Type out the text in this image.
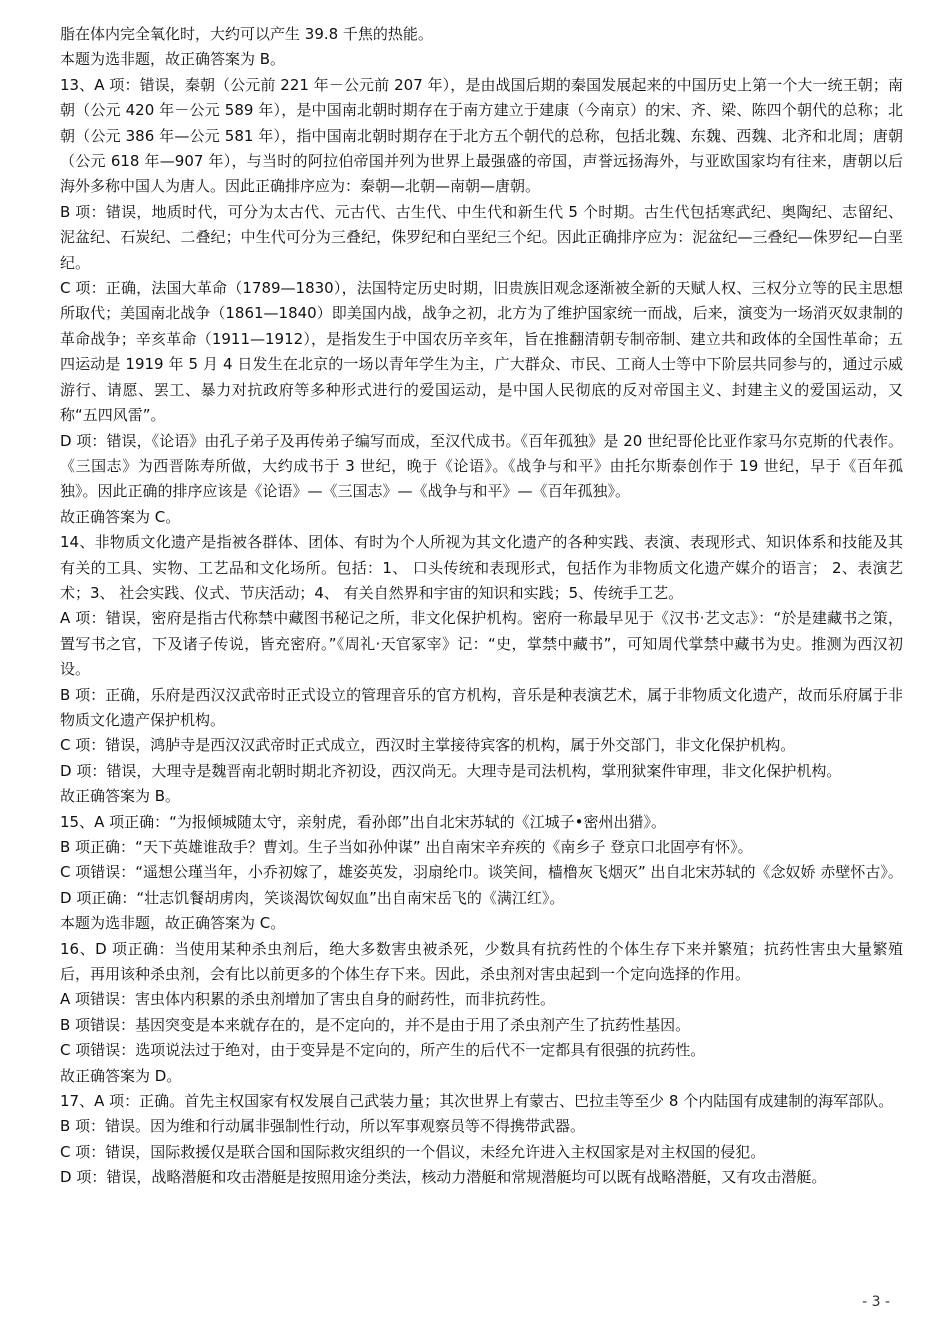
脂在体内完全氧化时，大约可以产生 39.8 千焦的热能。

本题为选非题，故正确答案为 B。

13、A 项：错误，秦朝（公元前 221 年－公元前 207 年），是由战国后期的秦国发展起来的中国历史上第一个大一统王朝；南朝（公元 420 年－公元 589 年），是中国南北朝时期存在于南方建立于建康（今南京）的宋、齐、梁、陈四个朝代的总称；北朝（公元 386 年—公元 581 年），指中国南北朝时期存在于北方五个朝代的总称，包括北魏、东魏、西魏、北齐和北周；唐朝（公元 618 年—907 年），与当时的阿拉伯帝国并列为世界上最强盛的帝国，声誉远扬海外，与亚欧国家均有往来，唐朝以后海外多称中国人为唐人。因此正确排序应为：秦朝—北朝—南朝—唐朝。

B 项：错误，地质时代，可分为太古代、元古代、古生代、中生代和新生代 5 个时期。古生代包括寒武纪、奥陶纪、志留纪、泥盆纪、石炭纪、二叠纪；中生代可分为三叠纪，侏罗纪和白垩纪三个纪。因此正确排序应为：泥盆纪—三叠纪—侏罗纪—白垩纪。

C 项：正确，法国大革命（1789—1830），法国特定历史时期，旧贵族旧观念逐渐被全新的天赋人权、三权分立等的民主思想所取代；美国南北战争（1861—1840）即美国内战，战争之初，北方为了维护国家统一而战，后来，演变为一场消灭奴隶制的革命战争；辛亥革命（1911—1912），是指发生于中国农历辛亥年，旨在推翻清朝专制帝制、建立共和政体的全国性革命；五四运动是 1919 年 5 月 4 日发生在北京的一场以青年学生为主，广大群众、市民、工商人士等中下阶层共同参与的，通过示威游行、请愿、罢工、暴力对抗政府等多种形式进行的爱国运动，是中国人民彻底的反对帝国主义、封建主义的爱国运动，又称“五四风雷”。

D 项：错误，《论语》由孔子弟子及再传弟子编写而成，至汉代成书。《百年孤独》是 20 世纪哥伦比亚作家马尔克斯的代表作。《三国志》为西晋陈寿所做，大约成书于 3 世纪，晚于《论语》。《战争与和平》由托尔斯泰创作于 19 世纪，早于《百年孤独》。因此正确的排序应该是《论语》—《三国志》—《战争与和平》—《百年孤独》。

故正确答案为 C。

14、非物质文化遗产是指被各群体、团体、有时为个人所视为其文化遗产的各种实践、表演、表现形式、知识体系和技能及其有关的工具、实物、工艺品和文化场所。包括：1、 口头传统和表现形式，包括作为非物质文化遗产媒介的语言； 2、表演艺术；3、 社会实践、仪式、节庆活动；4、 有关自然界和宇宙的知识和实践；5、传统手工艺。

A 项：错误，密府是指古代称禁中藏图书秘记之所，非文化保护机构。密府一称最早见于《汉书·艺文志》：“於是建藏书之策，置写书之官，下及诸子传说，皆充密府。”《周礼·天官冢宰》记：“史，掌禁中藏书”，可知周代掌禁中藏书为史。推测为西汉初设。

B 项：正确，乐府是西汉汉武帝时正式设立的管理音乐的官方机构，音乐是种表演艺术，属于非物质文化遗产，故而乐府属于非物质文化遗产保护机构。

C 项：错误，鸿胪寺是西汉汉武帝时正式成立，西汉时主掌接待宾客的机构，属于外交部门，非文化保护机构。

D 项：错误，大理寺是魏晋南北朝时期北齐初设，西汉尚无。大理寺是司法机构，掌刑狱案件审理，非文化保护机构。

故正确答案为 B。

15、A 项正确：“为报倾城随太守，亲射虎，看孙郎”出自北宋苏轼的《江城子•密州出猎》。

B 项正确：“天下英雄谁敌手？曹刘。生子当如孙仲谋” 出自南宋辛弃疾的《南乡子 登京口北固亭有怀》。

C 项错误：“遥想公瑾当年，小乔初嫁了，雄姿英发，羽扇纶巾。谈笑间，樯橹灰飞烟灭” 出自北宋苏轼的《念奴娇 赤壁怀古》。

D 项正确：“壮志饥餐胡虏肉，笑谈渴饮匈奴血”出自南宋岳飞的《满江红》。

本题为选非题，故正确答案为 C。

16、D 项正确：当使用某种杀虫剂后，绝大多数害虫被杀死，少数具有抗药性的个体生存下来并繁殖；抗药性害虫大量繁殖后，再用该种杀虫剂，会有比以前更多的个体生存下来。因此，杀虫剂对害虫起到一个定向选择的作用。

A 项错误：害虫体内积累的杀虫剂增加了害虫自身的耐药性，而非抗药性。

B 项错误：基因突变是本来就存在的，是不定向的，并不是由于用了杀虫剂产生了抗药性基因。

C 项错误：选项说法过于绝对，由于变异是不定向的，所产生的后代不一定都具有很强的抗药性。

故正确答案为 D。

17、A 项：正确。首先主权国家有权发展自己武装力量；其次世界上有蒙古、巴拉圭等至少 8 个内陆国有成建制的海军部队。

B 项：错误。因为维和行动属非强制性行动，所以军事观察员等不得携带武器。

C 项：错误，国际救援仅是联合国和国际救灾组织的一个倡议，未经允许进入主权国家是对主权国的侵犯。

D 项：错误，战略潜艇和攻击潜艇是按照用途分类法，核动力潜艇和常规潜艇均可以既有战略潜艇，又有攻击潜艇。

- 3 -
